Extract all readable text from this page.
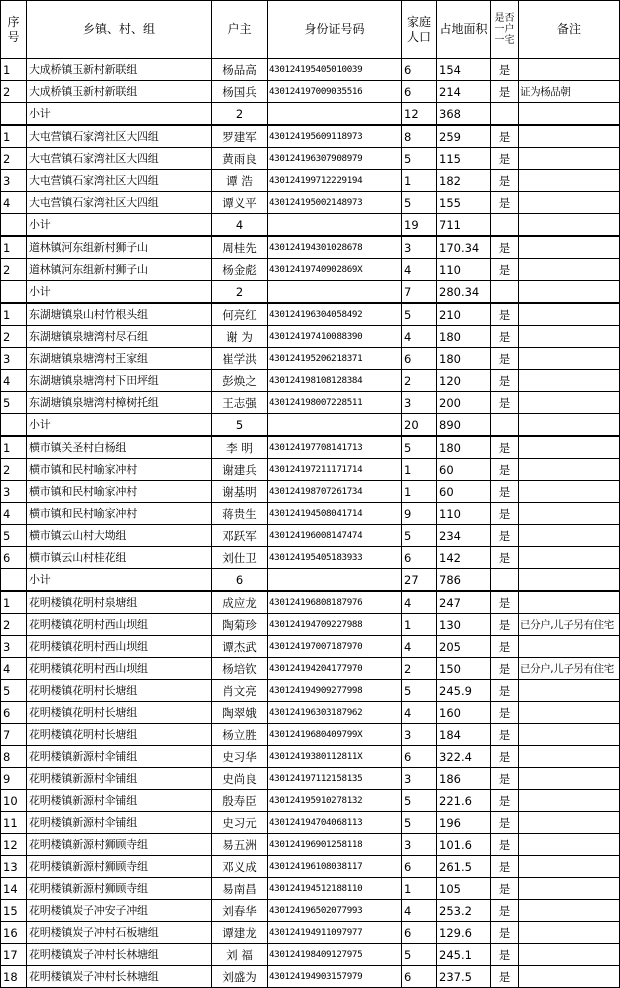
序号	乡镇、村、组	户主	身份证号码	家庭人口	占地面积	是否一户一宅	备注
1	大成桥镇玉新村新联组	杨品高	430124195405010039	6	154	是	
2	大成桥镇玉新村新联组	杨国兵	430124197009035516	6	214	是	证为杨品朝
	小计	2		12	368		
1	大屯营镇石家湾社区大四组	罗建军	430124195609118973	8	259	是	
2	大屯营镇石家湾社区大四组	黄雨良	430124196307908979	5	115	是	
3	大屯营镇石家湾社区大四组	谭 浩	430124199712229194	1	182	是	
4	大屯营镇石家湾社区大四组	谭义平	430124195002148973	5	155	是	
	小计	4		19	711		
1	道林镇河东组新村狮子山	周桂先	430124194301028678	3	170.34	是	
2	道林镇河东组新村狮子山	杨金彪	43012419740902869X	4	110	是	
	小计	2		7	280.34		
1	东湖塘镇泉山村竹根头组	何亮红	430124196304058492	5	210	是	
2	东湖塘镇泉塘湾村尽石组	谢 为	430124197410088390	4	180	是	
3	东湖塘镇泉塘湾村王家组	崔学洪	430124195206218371	6	180	是	
4	东湖塘镇泉塘湾村下田坪组	彭焕之	430124198108128384	2	120	是	
5	东湖塘镇泉塘湾村樟树托组	王志强	430124198007228511	3	200	是	
	小计	5		20	890		
1	横市镇关圣村白杨组	李 明	430124197708141713	5	180	是	
2	横市镇和民村喻家冲村	谢建兵	430124197211171714	1	60	是	
3	横市镇和民村喻家冲村	谢基明	430124198707261734	1	60	是	
4	横市镇和民村喻家冲村	蒋贵生	430124194508041714	9	110	是	
5	横市镇云山村大坳组	邓跃军	430124196008147474	5	234	是	
6	横市镇云山村桂花组	刘仕卫	430124195405183933	6	142	是	
	小计	6		27	786		
1	花明楼镇花明村泉塘组	成应龙	430124196808187976	4	247	是	
2	花明楼镇花明村西山坝组	陶菊珍	430124194709227988	1	130	是	已分户,儿子另有住宅
3	花明楼镇花明村西山坝组	谭杰武	430124197007187970	4	205	是	
4	花明楼镇花明村西山坝组	杨培钦	430124194204177970	2	150	是	已分户,儿子另有住宅
5	花明楼镇花明村长塘组	肖文亮	430124194909277998	5	245.9	是	
6	花明楼镇花明村长塘组	陶翠娥	430124196303187962	4	160	是	
7	花明楼镇花明村长塘组	杨立胜	43012419680409799X	3	184	是	
8	花明楼镇新源村伞铺组	史习华	43012419380112811X	6	322.4	是	
9	花明楼镇新源村伞铺组	史尚良	430124197112158135	3	186	是	
10	花明楼镇新源村伞铺组	殷寿臣	430124195910278132	5	221.6	是	
11	花明楼镇新源村伞铺组	史习元	430124194704068113	5	196	是	
12	花明楼镇新源村狮顾寺组	易五洲	430124196901258118	3	101.6	是	
13	花明楼镇新源村狮顾寺组	邓义成	430124196108038117	6	261.5	是	
14	花明楼镇新源村狮顾寺组	易南昌	430124194512188110	1	105	是	
15	花明楼镇炭子冲安子冲组	刘春华	430124196502077993	4	253.2	是	
16	花明楼镇炭子冲村石板塘组	谭建龙	430124194911097977	6	129.6	是	
17	花明楼镇炭子冲村长林塘组	刘 福	430124198409127975	5	245.1	是	
18	花明楼镇炭子冲村长林塘组	刘盛为	430124194903157979	6	237.5	是	
